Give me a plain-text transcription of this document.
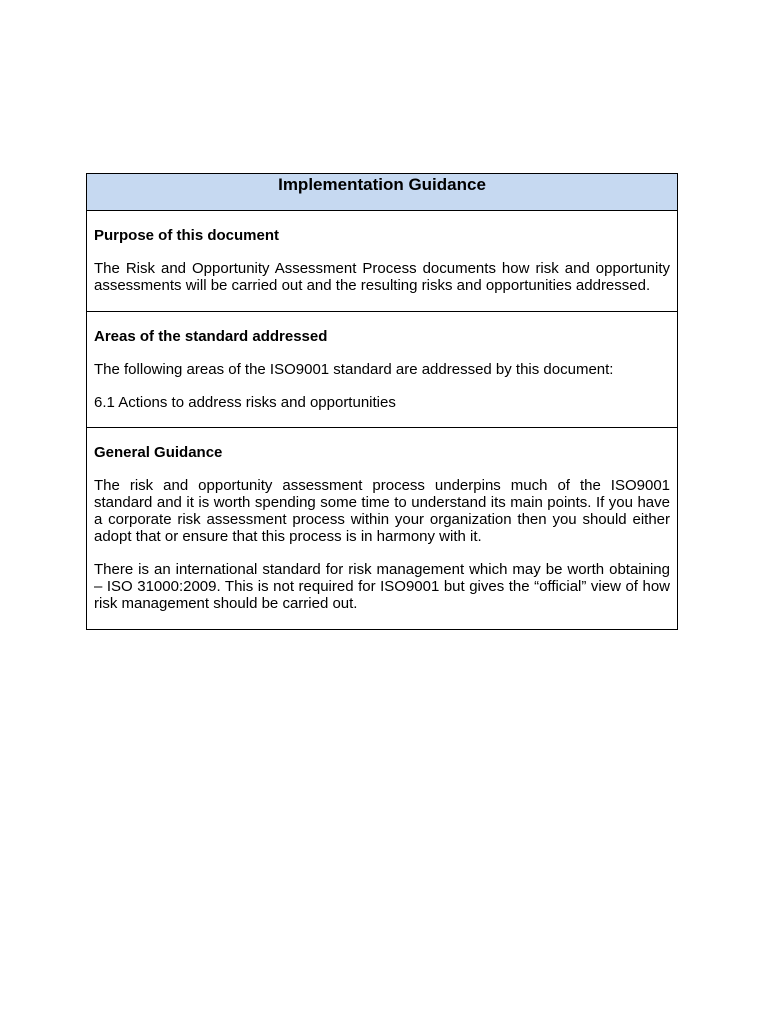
Implementation Guidance

Purpose of this document

The Risk and Opportunity Assessment Process documents how risk and opportunity assessments will be carried out and the resulting risks and opportunities addressed.

Areas of the standard addressed

The following areas of the ISO9001 standard are addressed by this document:

6.1 Actions to address risks and opportunities

General Guidance

The risk and opportunity assessment process underpins much of the ISO9001 standard and it is worth spending some time to understand its main points. If you have a corporate risk assessment process within your organization then you should either adopt that or ensure that this process is in harmony with it.

There is an international standard for risk management which may be worth obtaining – ISO 31000:2009. This is not required for ISO9001 but gives the “official” view of how risk management should be carried out.
